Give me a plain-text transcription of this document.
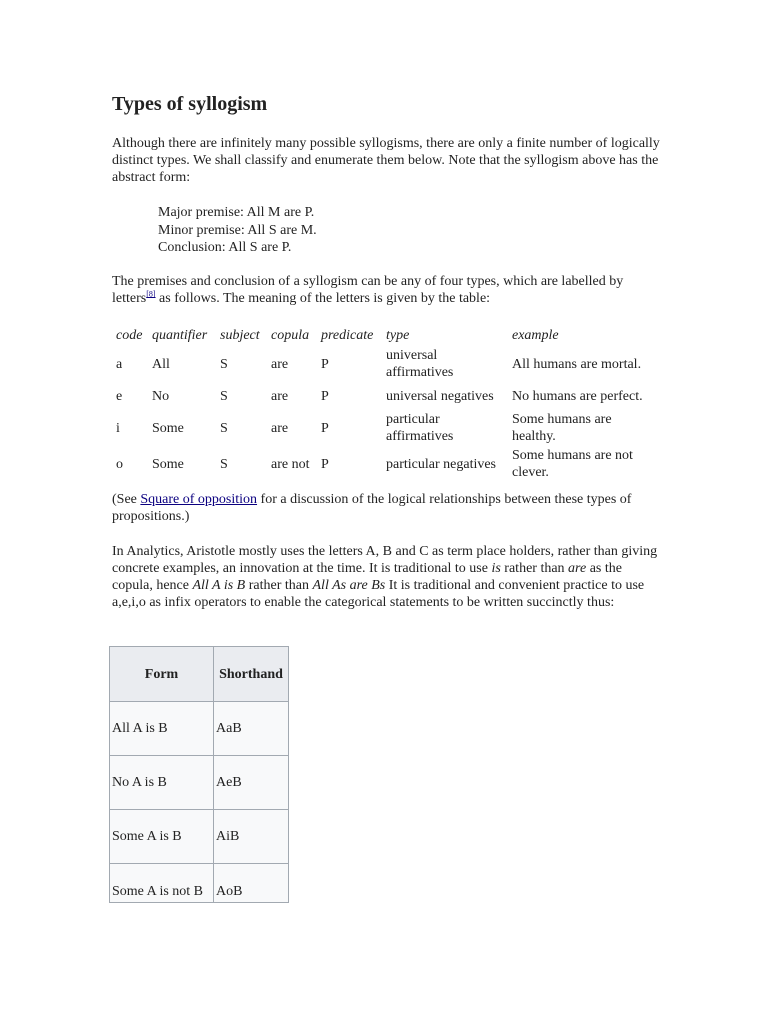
Types of syllogism

Although there are infinitely many possible syllogisms, there are only a finite number of logically distinct types. We shall classify and enumerate them below. Note that the syllogism above has the abstract form:

Major premise: All M are P.
Minor premise: All S are M.
Conclusion: All S are P.

The premises and conclusion of a syllogism can be any of four types, which are labelled by letters[8] as follows. The meaning of the letters is given by the table:

code	quantifier	subject	copula	predicate	type	example
a	All	S	are	P	universal affirmatives	All humans are mortal.
e	No	S	are	P	universal negatives	No humans are perfect.
i	Some	S	are	P	particular affirmatives	Some humans are healthy.
o	Some	S	are not	P	particular negatives	Some humans are not clever.

(See Square of opposition for a discussion of the logical relationships between these types of propositions.)

In Analytics, Aristotle mostly uses the letters A, B and C as term place holders, rather than giving concrete examples, an innovation at the time. It is traditional to use is rather than are as the copula, hence All A is B rather than All As are Bs It is traditional and convenient practice to use a,e,i,o as infix operators to enable the categorical statements to be written succinctly thus:

Form	Shorthand
All A is B	AaB
No A is B	AeB
Some A is B	AiB
Some A is not B	AoB
